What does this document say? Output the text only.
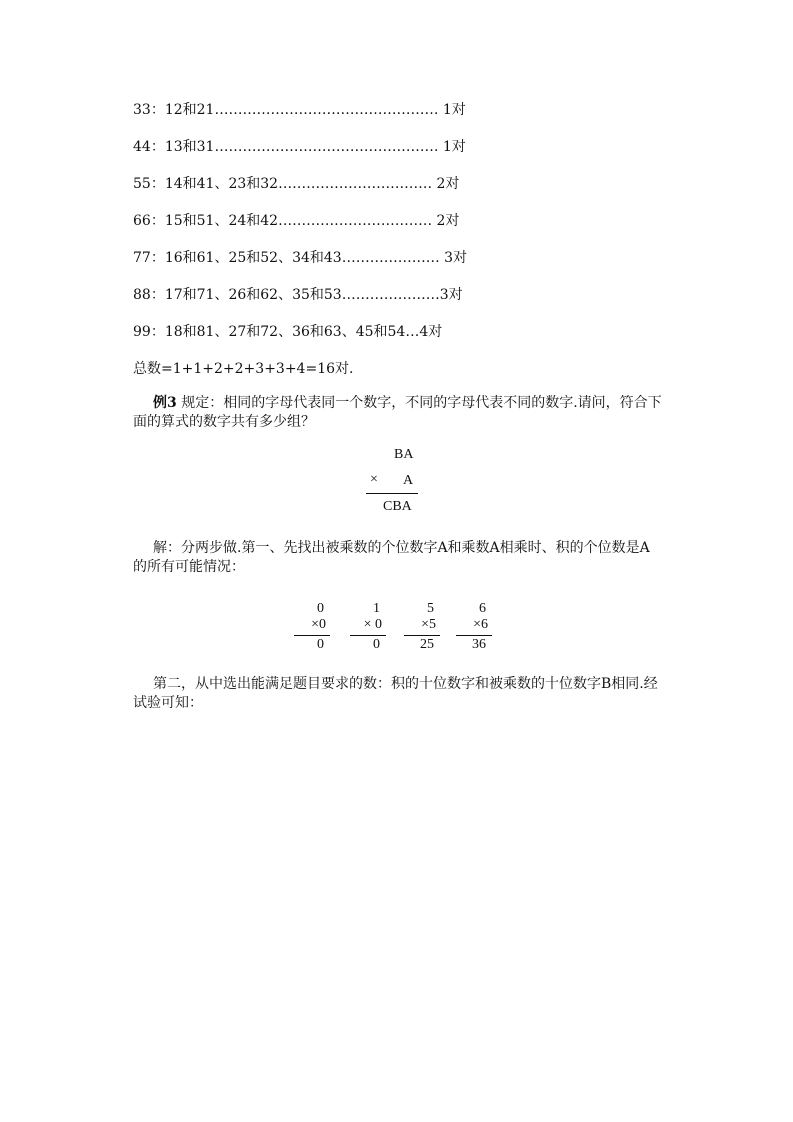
33：12和21………………………………………… 1对
44：13和31………………………………………… 1对
55：14和41、23和32…………………………… 2对
66：15和51、24和42…………………………… 2对
77：16和61、25和52、34和43………………… 3对
88：17和71、26和62、35和53…………………3对
99：18和81、27和72、36和63、45和54…4对
总数=1+1+2+2+3+3+4=16对.
例3 规定：相同的字母代表同一个数字，不同的字母代表不同的数字.请问，符合下面的算式的数字共有多少组？
BA
× A
CBA
解：分两步做.第一、先找出被乘数的个位数字A和乘数A相乘时、积的个位数是A的所有可能情况：
0
×0
0
1
× 0
0
5
×5
25
6
×6
36
第二，从中选出能满足题目要求的数：积的十位数字和被乘数的十位数字B相同.经试验可知：
